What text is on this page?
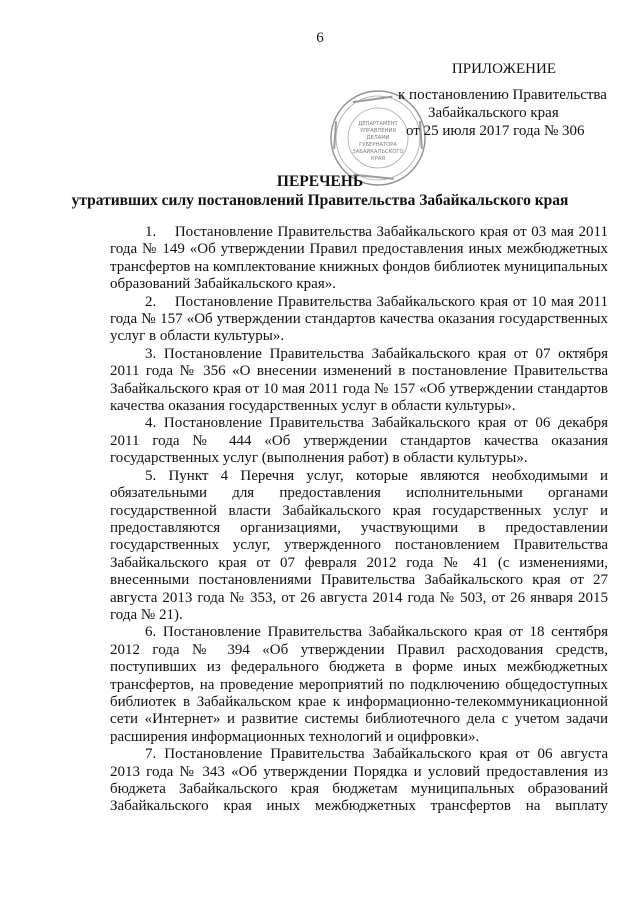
6
ПРИЛОЖЕНИЕ
ДЕПАРТАМЕНТ
УПРАВЛЕНИЯ
ДЕЛАМИ
ГУБЕРНАТОРА
ЗАБАЙКАЛЬСКОГО
КРАЯ
к постановлению Правительства
Забайкальского края
от 25 июля 2017 года № 306
ПЕРЕЧЕНЬ
утративших силу постановлений Правительства Забайкальского края

1.    Постановление Правительства Забайкальского края от 03 мая 2011 года № 149 «Об утверждении Правил предоставления иных межбюджетных трансфертов на комплектование книжных фондов библиотек муниципальных образований Забайкальского края».

2.    Постановление Правительства Забайкальского края от 10 мая 2011 года № 157 «Об утверждении стандартов качества оказания государственных услуг в области культуры».

3. Постановление Правительства Забайкальского края от 07 октября 2011 года № 356 «О внесении изменений в постановление Правительства Забайкальского края от 10 мая 2011 года № 157 «Об утверждении стандартов качества оказания государственных услуг в области культуры».

4. Постановление Правительства Забайкальского края от 06 декабря 2011 года № 444 «Об утверждении стандартов качества оказания государственных услуг (выполнения работ) в области культуры».

5. Пункт 4 Перечня услуг, которые являются необходимыми и обязательными для предоставления исполнительными органами государственной власти Забайкальского края государственных услуг и предоставляются организациями, участвующими в предоставлении государственных услуг, утвержденного постановлением Правительства Забайкальского края от 07 февраля 2012 года № 41 (с изменениями, внесенными постановлениями Правительства Забайкальского края от 27 августа 2013 года № 353, от 26 августа 2014 года № 503, от 26 января 2015 года № 21).

6. Постановление Правительства Забайкальского края от 18 сентября 2012 года № 394 «Об утверждении Правил расходования средств, поступивших из федерального бюджета в форме иных межбюджетных трансфертов, на проведение мероприятий по подключению общедоступных библиотек в Забайкальском крае к информационно-телекоммуникационной сети «Интернет» и развитие системы библиотечного дела с учетом задачи расширения информационных технологий и оцифровки».

7. Постановление Правительства Забайкальского края от 06 августа 2013 года № 343 «Об утверждении Порядка и условий предоставления из бюджета Забайкальского края бюджетам муниципальных образований Забайкальского края иных межбюджетных трансфертов на выплату
